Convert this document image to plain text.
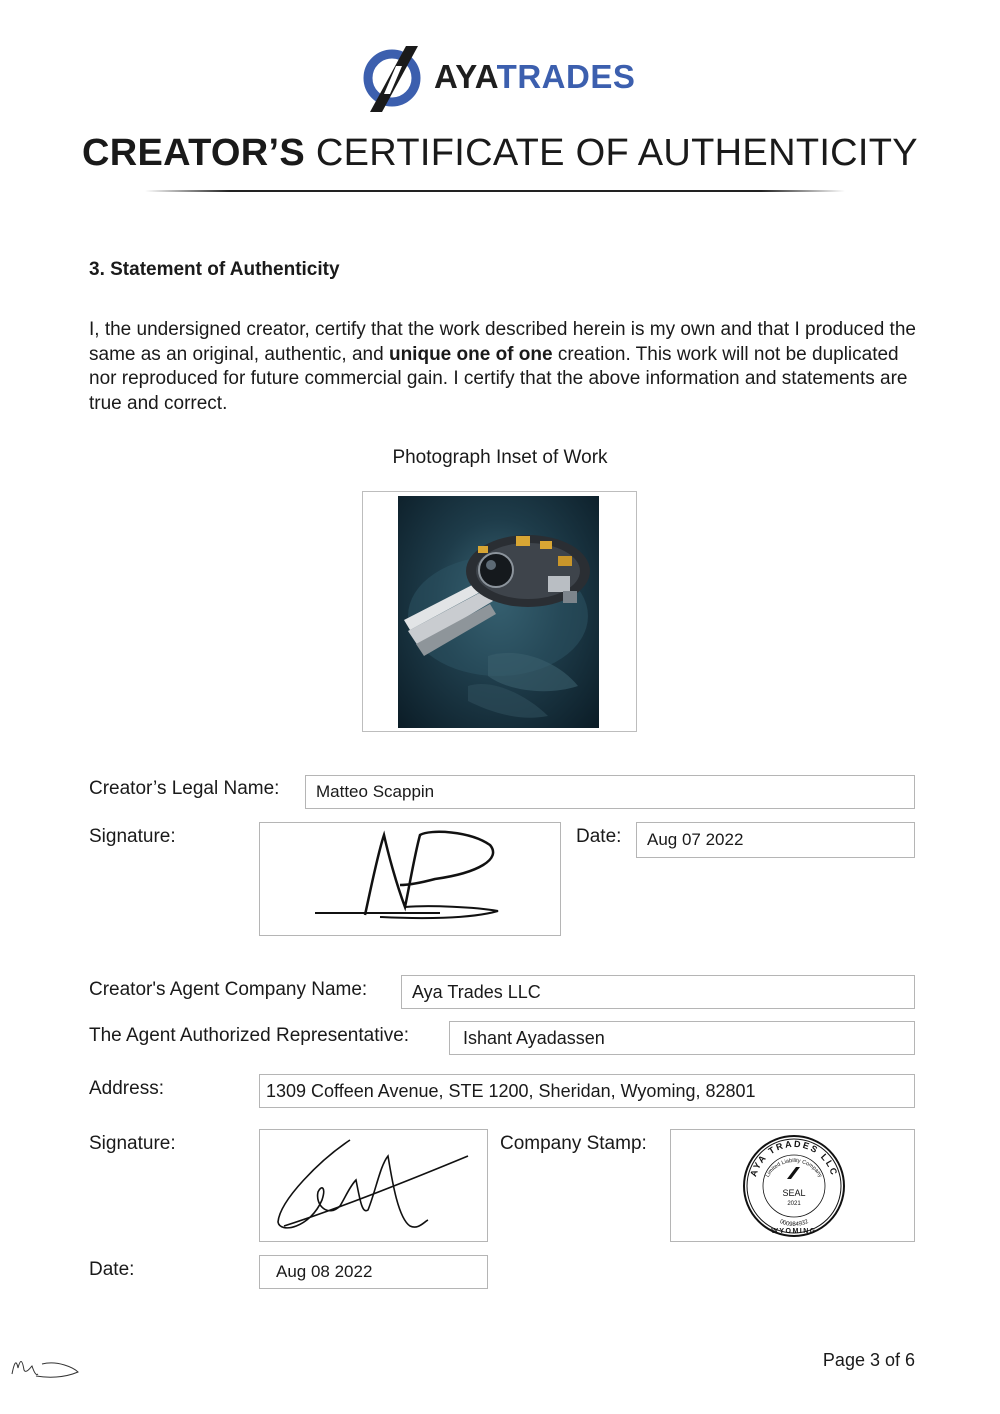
AYATRADES
CREATOR’S CERTIFICATE OF AUTHENTICITY
3. Statement of Authenticity
I, the undersigned creator, certify that the work described herein is my own and that I produced the same as an original, authentic, and unique one of one creation. This work will not be duplicated nor reproduced for future commercial gain. I certify that the above information and statements are true and correct.
Photograph Inset of Work
Creator’s Legal Name:	Matteo Scappin
Signature:	Date:	Aug 07 2022
Creator's Agent Company Name:	Aya Trades LLC
The Agent Authorized Representative:	Ishant Ayadassen
Address:	1309 Coffeen Avenue, STE 1200, Sheridan, Wyoming, 82801
Signature:	Company Stamp:
AYA TRADES LLC
Limited Liability Company
SEAL
2021
000984932
WYOMING
Date:	Aug 08 2022
Page 3 of 6
